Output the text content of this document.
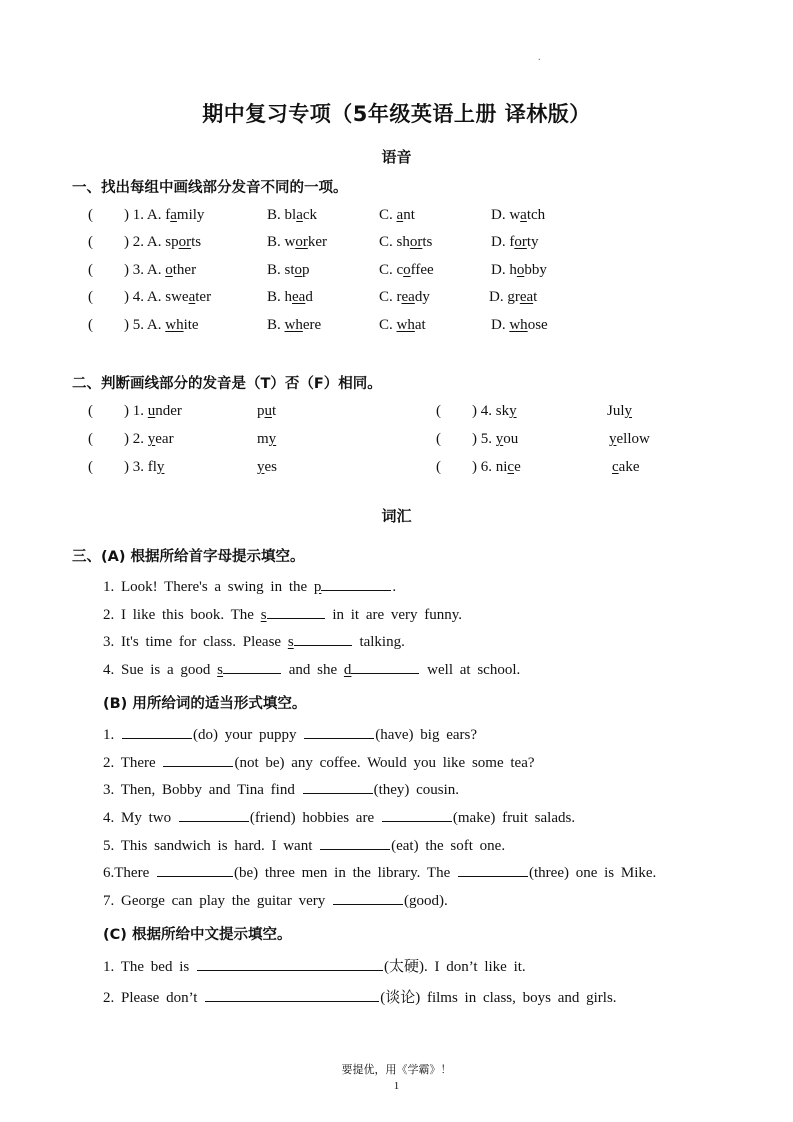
.
期中复习专项（5年级英语上册 译林版）
语音
一、找出每组中画线部分发音不同的一项。
( ) 1. A. family	B. black	C. ant	D. watch
( ) 2. A. sports	B. worker	C. shorts	D. forty
( ) 3. A. other	B. stop	C. coffee	D. hobby
( ) 4. A. sweater	B. head	C. ready	D. great
( ) 5. A. white	B. where	C. what	D. whose
二、判断画线部分的发音是（T）否（F）相同。
( ) 1. under	put
( ) 2. year	my
( ) 3. fly	yes
( ) 4. sky	July
( ) 5. you	yellow
( ) 6. nice	cake
词汇
三、(A) 根据所给首字母提示填空。
1. Look! There's a swing in the p	.
2. I like this book. The s	in it are very funny.
3. It's time for class. Please s	talking.
4. Sue is a good s	and she d	well at school.
(B) 用所给词的适当形式填空。
1.	(do) your puppy	(have) big ears?
2. There	(not be) any coffee. Would you like some tea?
3. Then, Bobby and Tina find	(they) cousin.
4. My two	(friend) hobbies are	(make) fruit salads.
5. This sandwich is hard. I want	(eat) the soft one.
6.There	(be) three men in the library. The	(three) one is Mike.
7. George can play the guitar very	(good).
(C) 根据所给中文提示填空。
1. The bed is	(太硬). I don’t like it.
2. Please don’t	(谈论) films in class, boys and girls.
要提优，用《学霸》！
1
